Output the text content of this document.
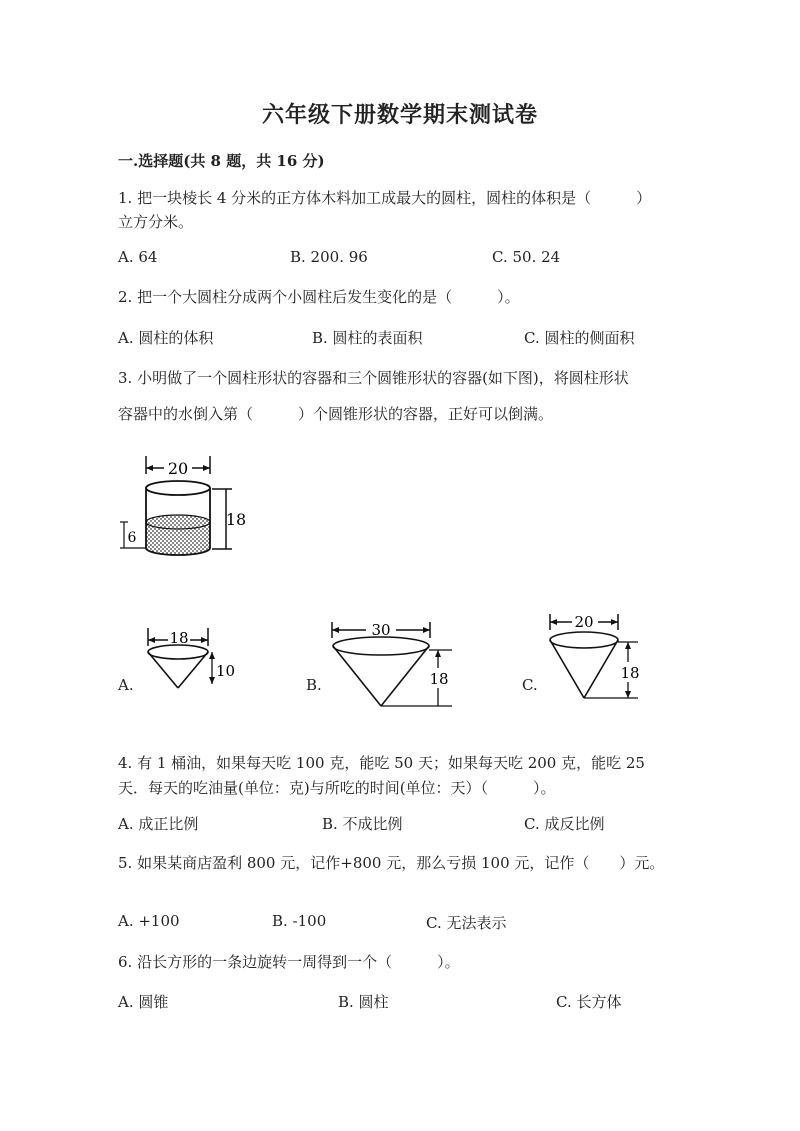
六年级下册数学期末测试卷
一.选择题(共 8 题，共 16 分)
1. 把一块棱长 4 分米的正方体木料加工成最大的圆柱，圆柱的体积是（　　　）
立方分米。
A. 64	B. 200. 96	C. 50. 24
2. 把一个大圆柱分成两个小圆柱后发生变化的是（　　　）。
A. 圆柱的体积	B. 圆柱的表面积	C. 圆柱的侧面积
3. 小明做了一个圆柱形状的容器和三个圆锥形状的容器(如下图)，将圆柱形状
容器中的水倒入第（　　　）个圆锥形状的容器，正好可以倒满。
20
18
6
A.
18
10
B.
30
18	C.
20
18
4. 有 1 桶油，如果每天吃 100 克，能吃 50 天；如果每天吃 200 克，能吃 25
天．每天的吃油量(单位：克)与所吃的时间(单位：天）（　　　）。
A. 成正比例	B. 不成比例	C. 成反比例
5. 如果某商店盈利 800 元，记作+800 元，那么亏损 100 元，记作（　　）元。
A. +100	B. -100	C. 无法表示
6. 沿长方形的一条边旋转一周得到一个（　　　）。
A. 圆锥	B. 圆柱	C. 长方体
